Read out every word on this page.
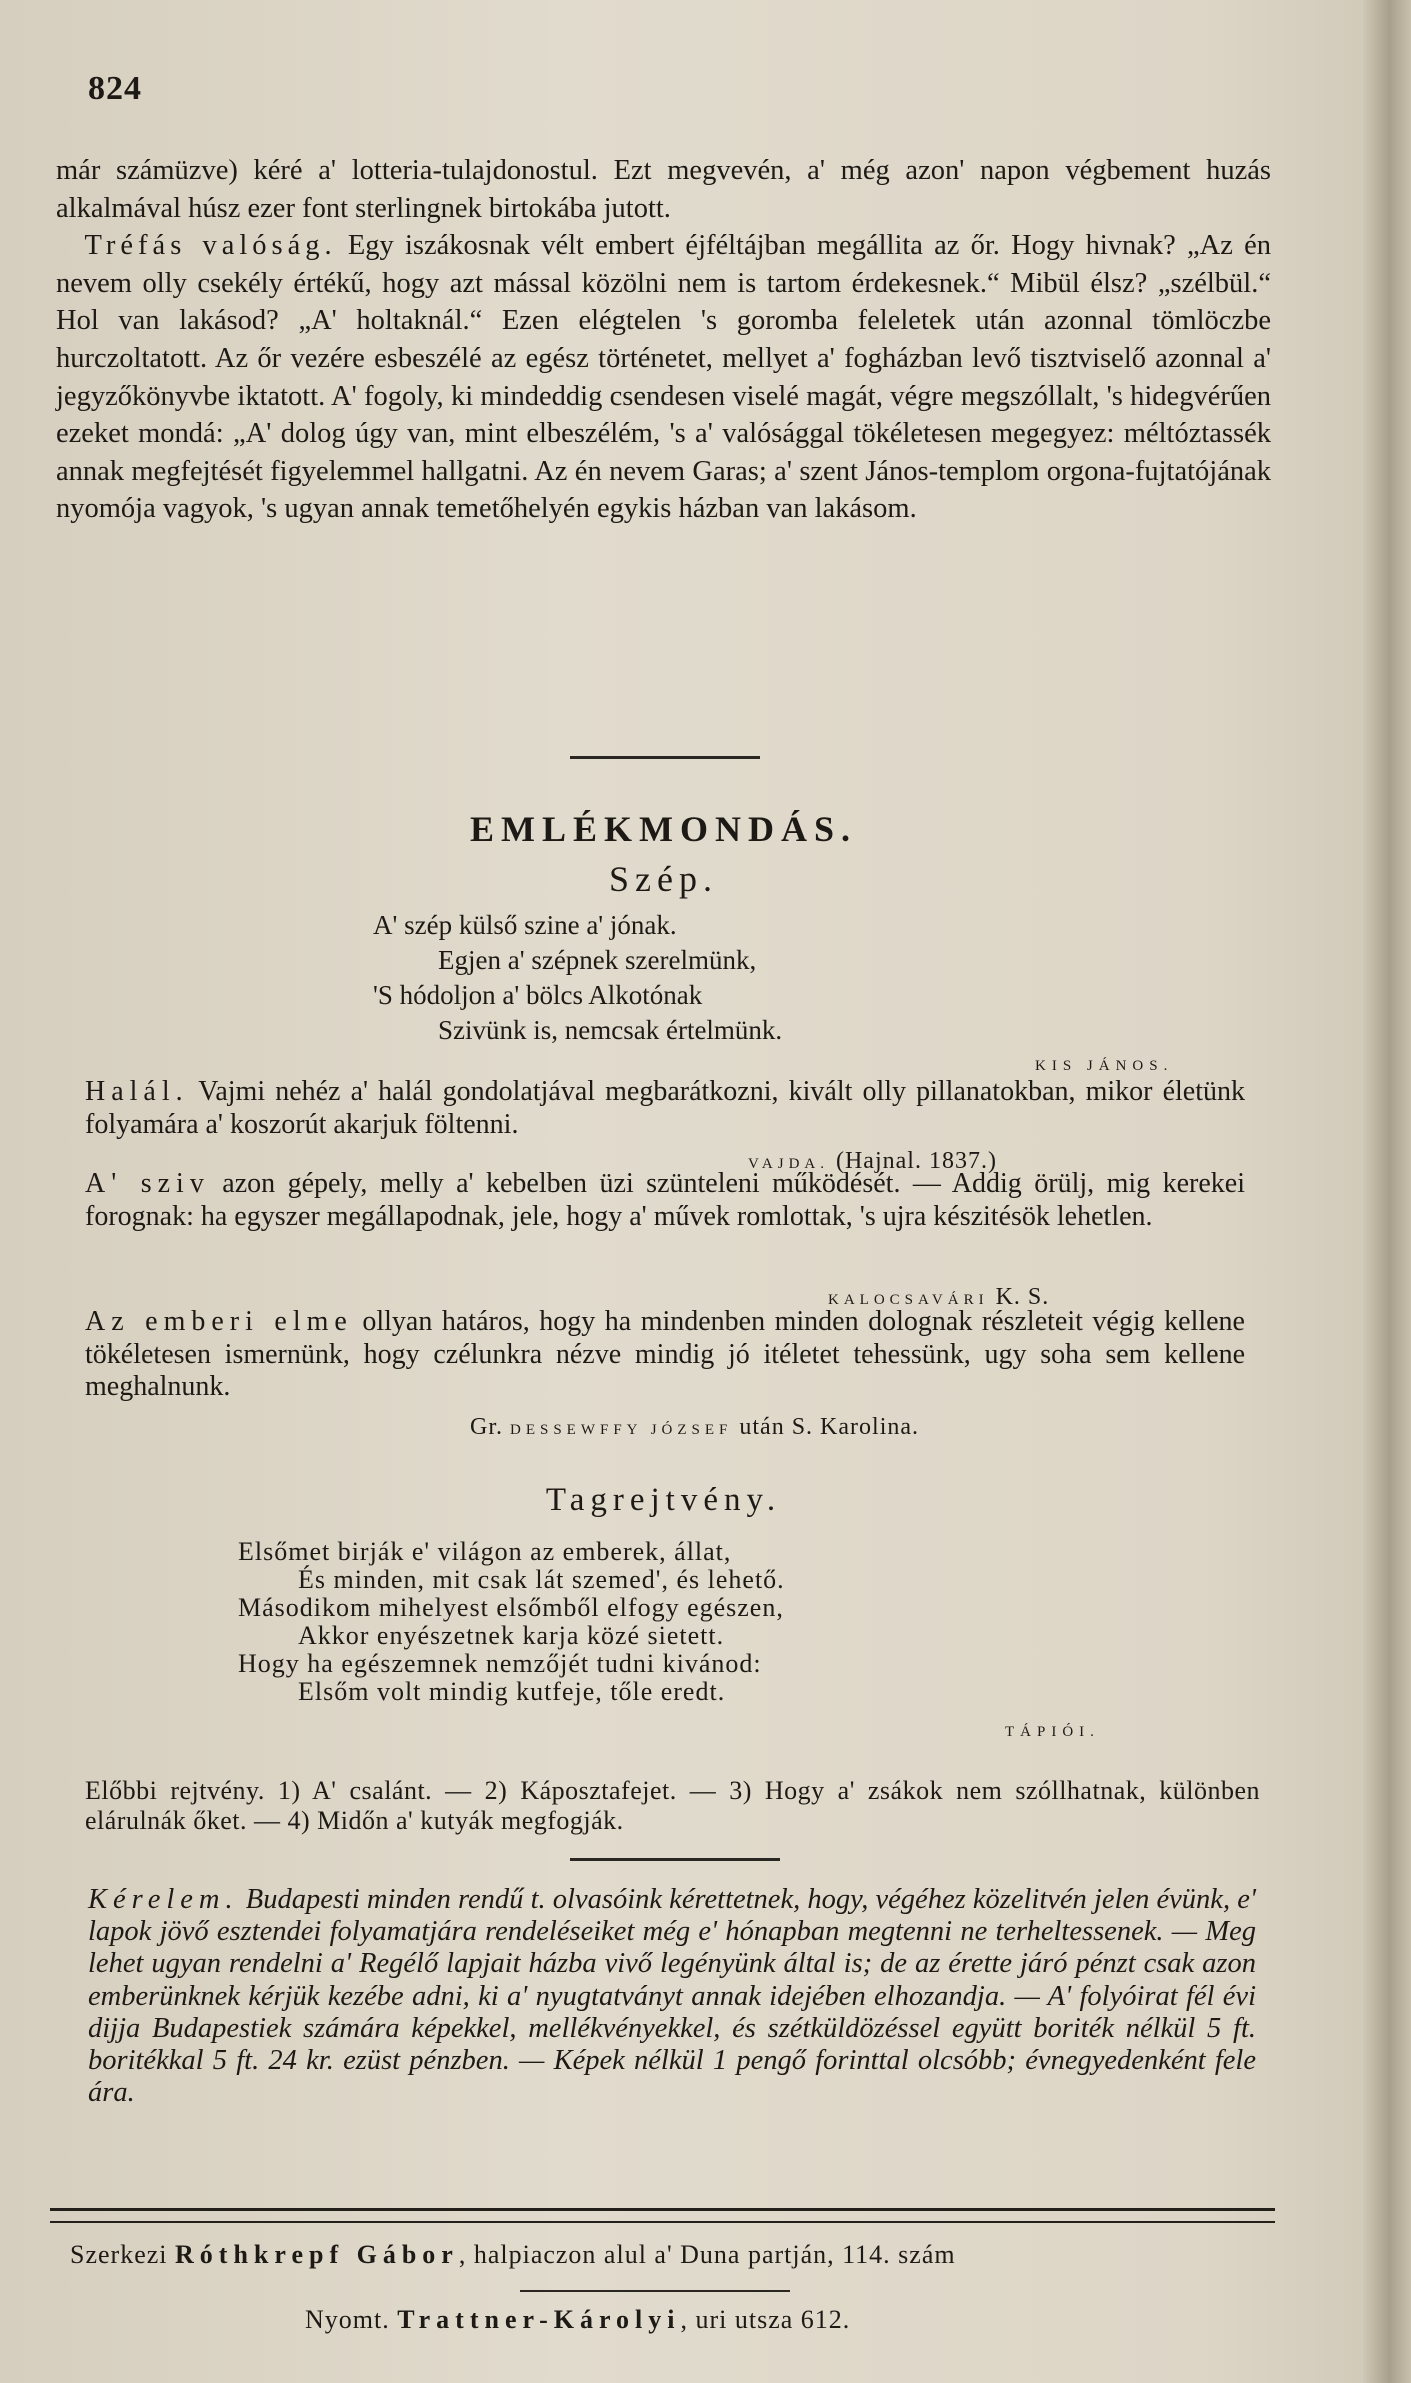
824

már számüzve) kéré a' lotteria-tulajdonostul. Ezt megvevén, a' még azon' napon végbement huzás alkalmával húsz ezer font sterlingnek birtokába jutott.
 Tréfás valóság. Egy iszákosnak vélt embert éjféltájban megállita az őr. Hogy hivnak? „Az én nevem olly csekély értékű, hogy azt mással közölni nem is tartom érdekesnek.“ Mibül élsz? „szélbül.“ Hol van lakásod? „A' holtaknál.“ Ezen elégtelen 's goromba feleletek után azonnal tömlöczbe hurczoltatott. Az őr vezére esbeszélé az egész történetet, mellyet a' fogházban levő tisztviselő azonnal a' jegyzőkönyvbe iktatott. A' fogoly, ki mindeddig csendesen viselé magát, végre megszóllalt, 's hidegvérűen ezeket mondá: „A' dolog úgy van, mint elbeszélém, 's a' valósággal tökéletesen megegyez: méltóztassék annak megfejtését figyelemmel hallgatni. Az én nevem Garas; a' szent János-templom orgona-fujtatójának nyomója vagyok, 's ugyan annak temetőhelyén egykis házban van lakásom.

EMLÉKMONDÁS.
Szép.
A' szép külső szine a' jónak.
Egjen a' szépnek szerelmünk,
'S hódoljon a' bölcs Alkotónak
Szivünk is, nemcsak értelmünk.
KIS JÁNOS.

Halál. Vajmi nehéz a' halál gondolatjával megbarátkozni, kivált olly pillanatokban, mikor életünk folyamára a' koszorút akarjuk föltenni.

VAJDA. (Hajnal. 1837.)

A' sziv azon gépely, melly a' kebelben üzi szünteleni működését. — Addig örülj, mig kerekei forognak: ha egyszer megállapodnak, jele, hogy a' művek romlottak, 's ujra készitésök lehetlen.

KALOCSAVÁRI K. S.

Az emberi elme ollyan határos, hogy ha mindenben minden dolognak részleteit végig kellene tökéletesen ismernünk, hogy czélunkra nézve mindig jó itéletet tehessünk, ugy soha sem kellene meghalnunk.

Gr. DESSEWFFY JÓZSEF után S. Karolina.
Tagrejtvény.
Elsőmet birják e' világon az emberek, állat,
És minden, mit csak lát szemed', és lehető.
Másodikom mihelyest elsőmből elfogy egészen,
Akkor enyészetnek karja közé sietett.
Hogy ha egészemnek nemzőjét tudni kivánod:
Elsőm volt mindig kutfeje, tőle eredt.
TÁPIÓI.

Előbbi rejtvény. 1) A' csalánt. — 2) Káposztafejet. — 3) Hogy a' zsákok nem szóllhatnak, különben elárulnák őket. — 4) Midőn a' kutyák megfogják.

Kérelem. Budapesti minden rendű t. olvasóink kérettetnek, hogy, végéhez közelitvén jelen évünk, e' lapok jövő esztendei folyamatjára rendeléseiket még e' hónapban megtenni ne terheltessenek. — Meg lehet ugyan rendelni a' Regélő lapjait házba vivő legényünk által is; de az érette járó pénzt csak azon emberünknek kérjük kezébe adni, ki a' nyugtatványt annak idejében elhozandja. — A' folyóirat fél évi dijja Budapestiek számára képekkel, mellékvényekkel, és szétküldözéssel együtt boriték nélkül 5 ft. boritékkal 5 ft. 24 kr. ezüst pénzben. — Képek nélkül 1 pengő forinttal olcsóbb; évnegyedenként fele ára.

Szerkezi Róthkrepf Gábor, halpiaczon alul a' Duna partján, 114. szám
Nyomt. Trattner-Károlyi, uri utsza 612.
